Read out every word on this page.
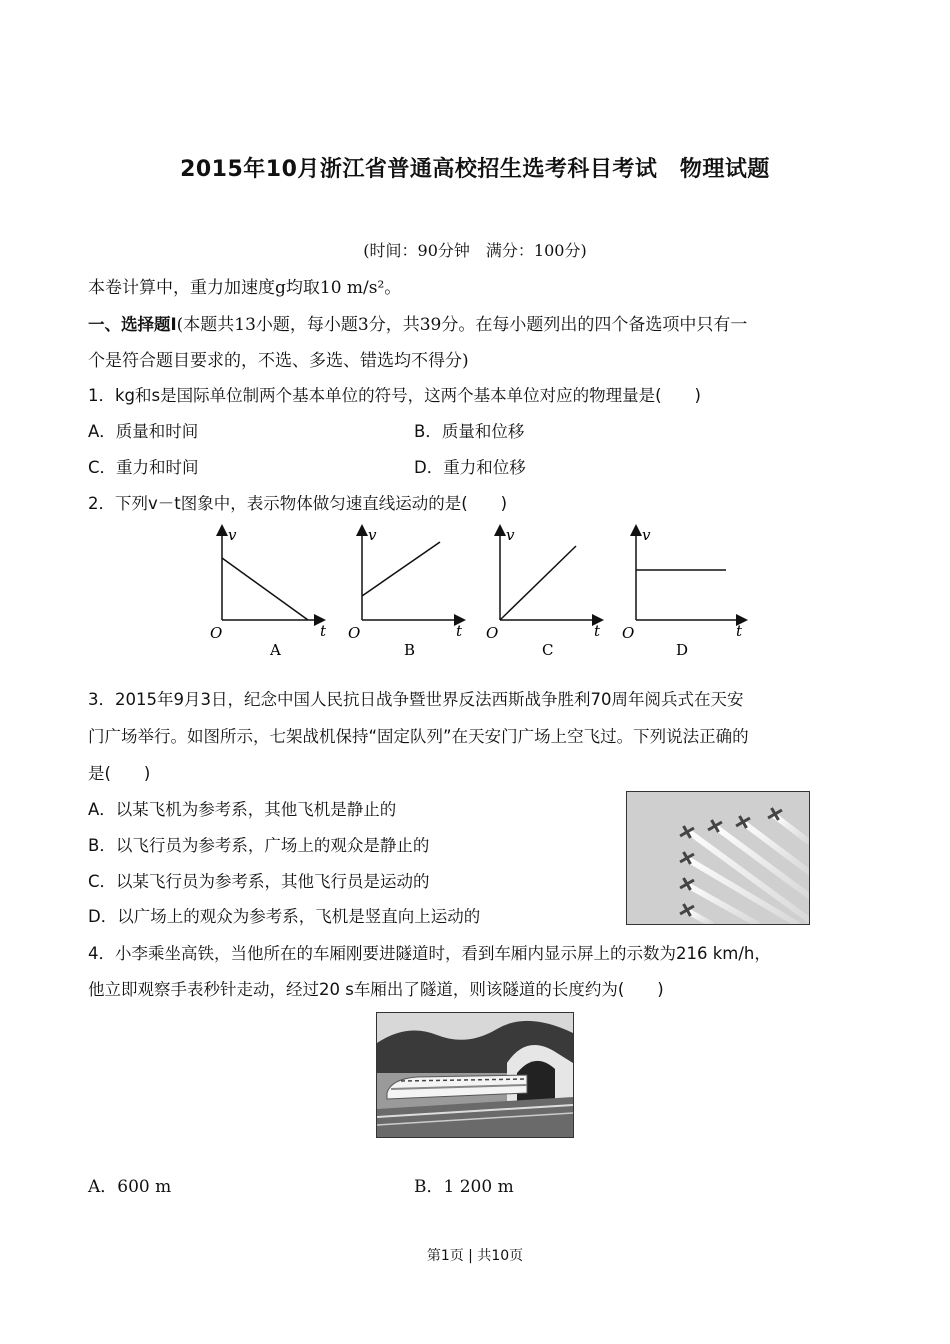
2015年10月浙江省普通高校招生选考科目考试　物理试题
(时间：90分钟　满分：100分)
本卷计算中，重力加速度g均取10 m/s²。
一、选择题Ⅰ(本题共13小题，每小题3分，共39分。在每小题列出的四个备选项中只有一
个是符合题目要求的，不选、多选、错选均不得分)
1．kg和s是国际单位制两个基本单位的符号，这两个基本单位对应的物理量是(　　)
A．质量和时间	B．质量和位移
C．重力和时间	D．重力和位移
2．下列v－t图象中，表示物体做匀速直线运动的是(　　)
v
t
O
A
v
t
O
B
v
t
O
C
v
t
O
D
3．2015年9月3日，纪念中国人民抗日战争暨世界反法西斯战争胜利70周年阅兵式在天安
门广场举行。如图所示，七架战机保持“固定队列”在天安门广场上空飞过。下列说法正确的
是(　　)
A．以某飞机为参考系，其他飞机是静止的
B．以飞行员为参考系，广场上的观众是静止的
C．以某飞行员为参考系，其他飞行员是运动的
D．以广场上的观众为参考系，飞机是竖直向上运动的
4．小李乘坐高铁，当他所在的车厢刚要进隧道时，看到车厢内显示屏上的示数为216 km/h，
他立即观察手表秒针走动，经过20 s车厢出了隧道，则该隧道的长度约为(　　)
A．600 m	B．1 200 m
第1页 | 共10页
